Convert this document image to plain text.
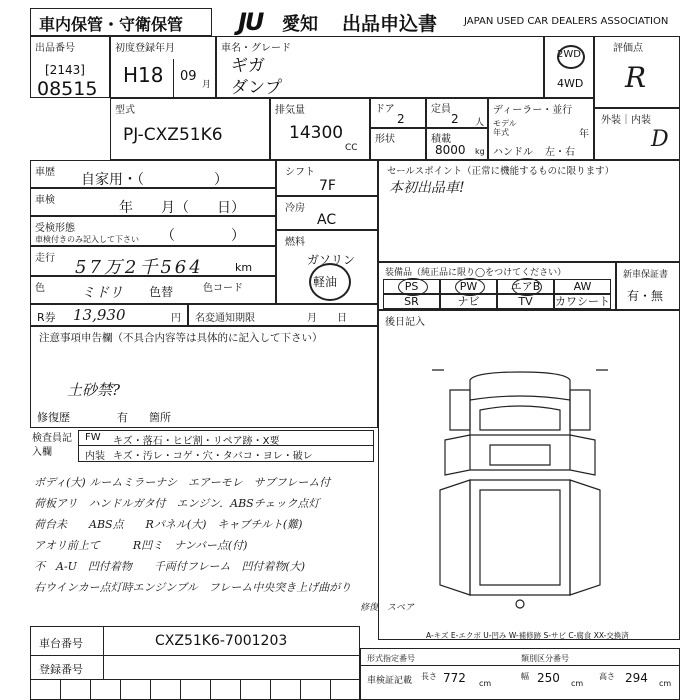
車内保管・守衛保管 JU 愛知 出品申込書	JAPAN USED CAR DEALERS ASSOCIATION
出品番号
[2143]
08515
初度登録年月
H18 09
月
車名・グレード
ギガ
ダンプ
2WD
4WD
評価点
R
型式
PJ-CXZ51K6
排気量
14300
CC
ドア
2
定員
2 人
形状	積載
8000 kg
ディーラー・並行
モデル年式	年
ハンドル 左・右
外装｜内装
D
車歴 自家用・（　　　　　）
車検	年　　月（　　日）
受検形態
車検付きのみ記入して下さい （　　　　）
走行 57万2千564	km
色	ミドリ 色替	色コード
シフト
7F
冷房
AC
燃料
ガソリン
軽油
セールスポイント（正常に機能するものに限ります）
本初出品車!
装備品（純正品に限り◯をつけてください）
PS	PW	エアB	AW
SR	ナビ	TV	カワシート
新車保証書
有・無
R券 13,930	円 名変通知期限	月　　日	後日記入
注意事項申告欄（不具合内容等は具体的に記入して下さい）
土砂禁?
修復歴	有 箇所
検査員記入欄
FW キズ・落石・ヒビ割・リペア跡・X要
内装 キズ・汚レ・コゲ・穴・タバコ・ヨレ・破レ
ボディ(大) ルームミラーナシ　エアーモレ　サブフレーム付
荷板アリ　ハンドルガタ付　エンジン．ABSチェック点灯
荷台未　　ABS点　　Rパネル(大)　キャブチルト(難)
アオリ前上て　　　R凹ミ　ナンバー点(付)
不　A-U　凹付着物　　千両付フレーム　凹付着物(大)
右ウインカー点灯時エンジンブル　フレーム中央突き上げ曲がり
修復　スペア
A-キズ E-エクボ U-凹み W-補修跡 S-サビ C-腐食 XX-交換済
車台番号	CXZ51K6-7001203
登録番号
形式指定番号	類別区分番号
車検証記載 長さ 772 cm
幅 250 cm
高さ 294 cm
